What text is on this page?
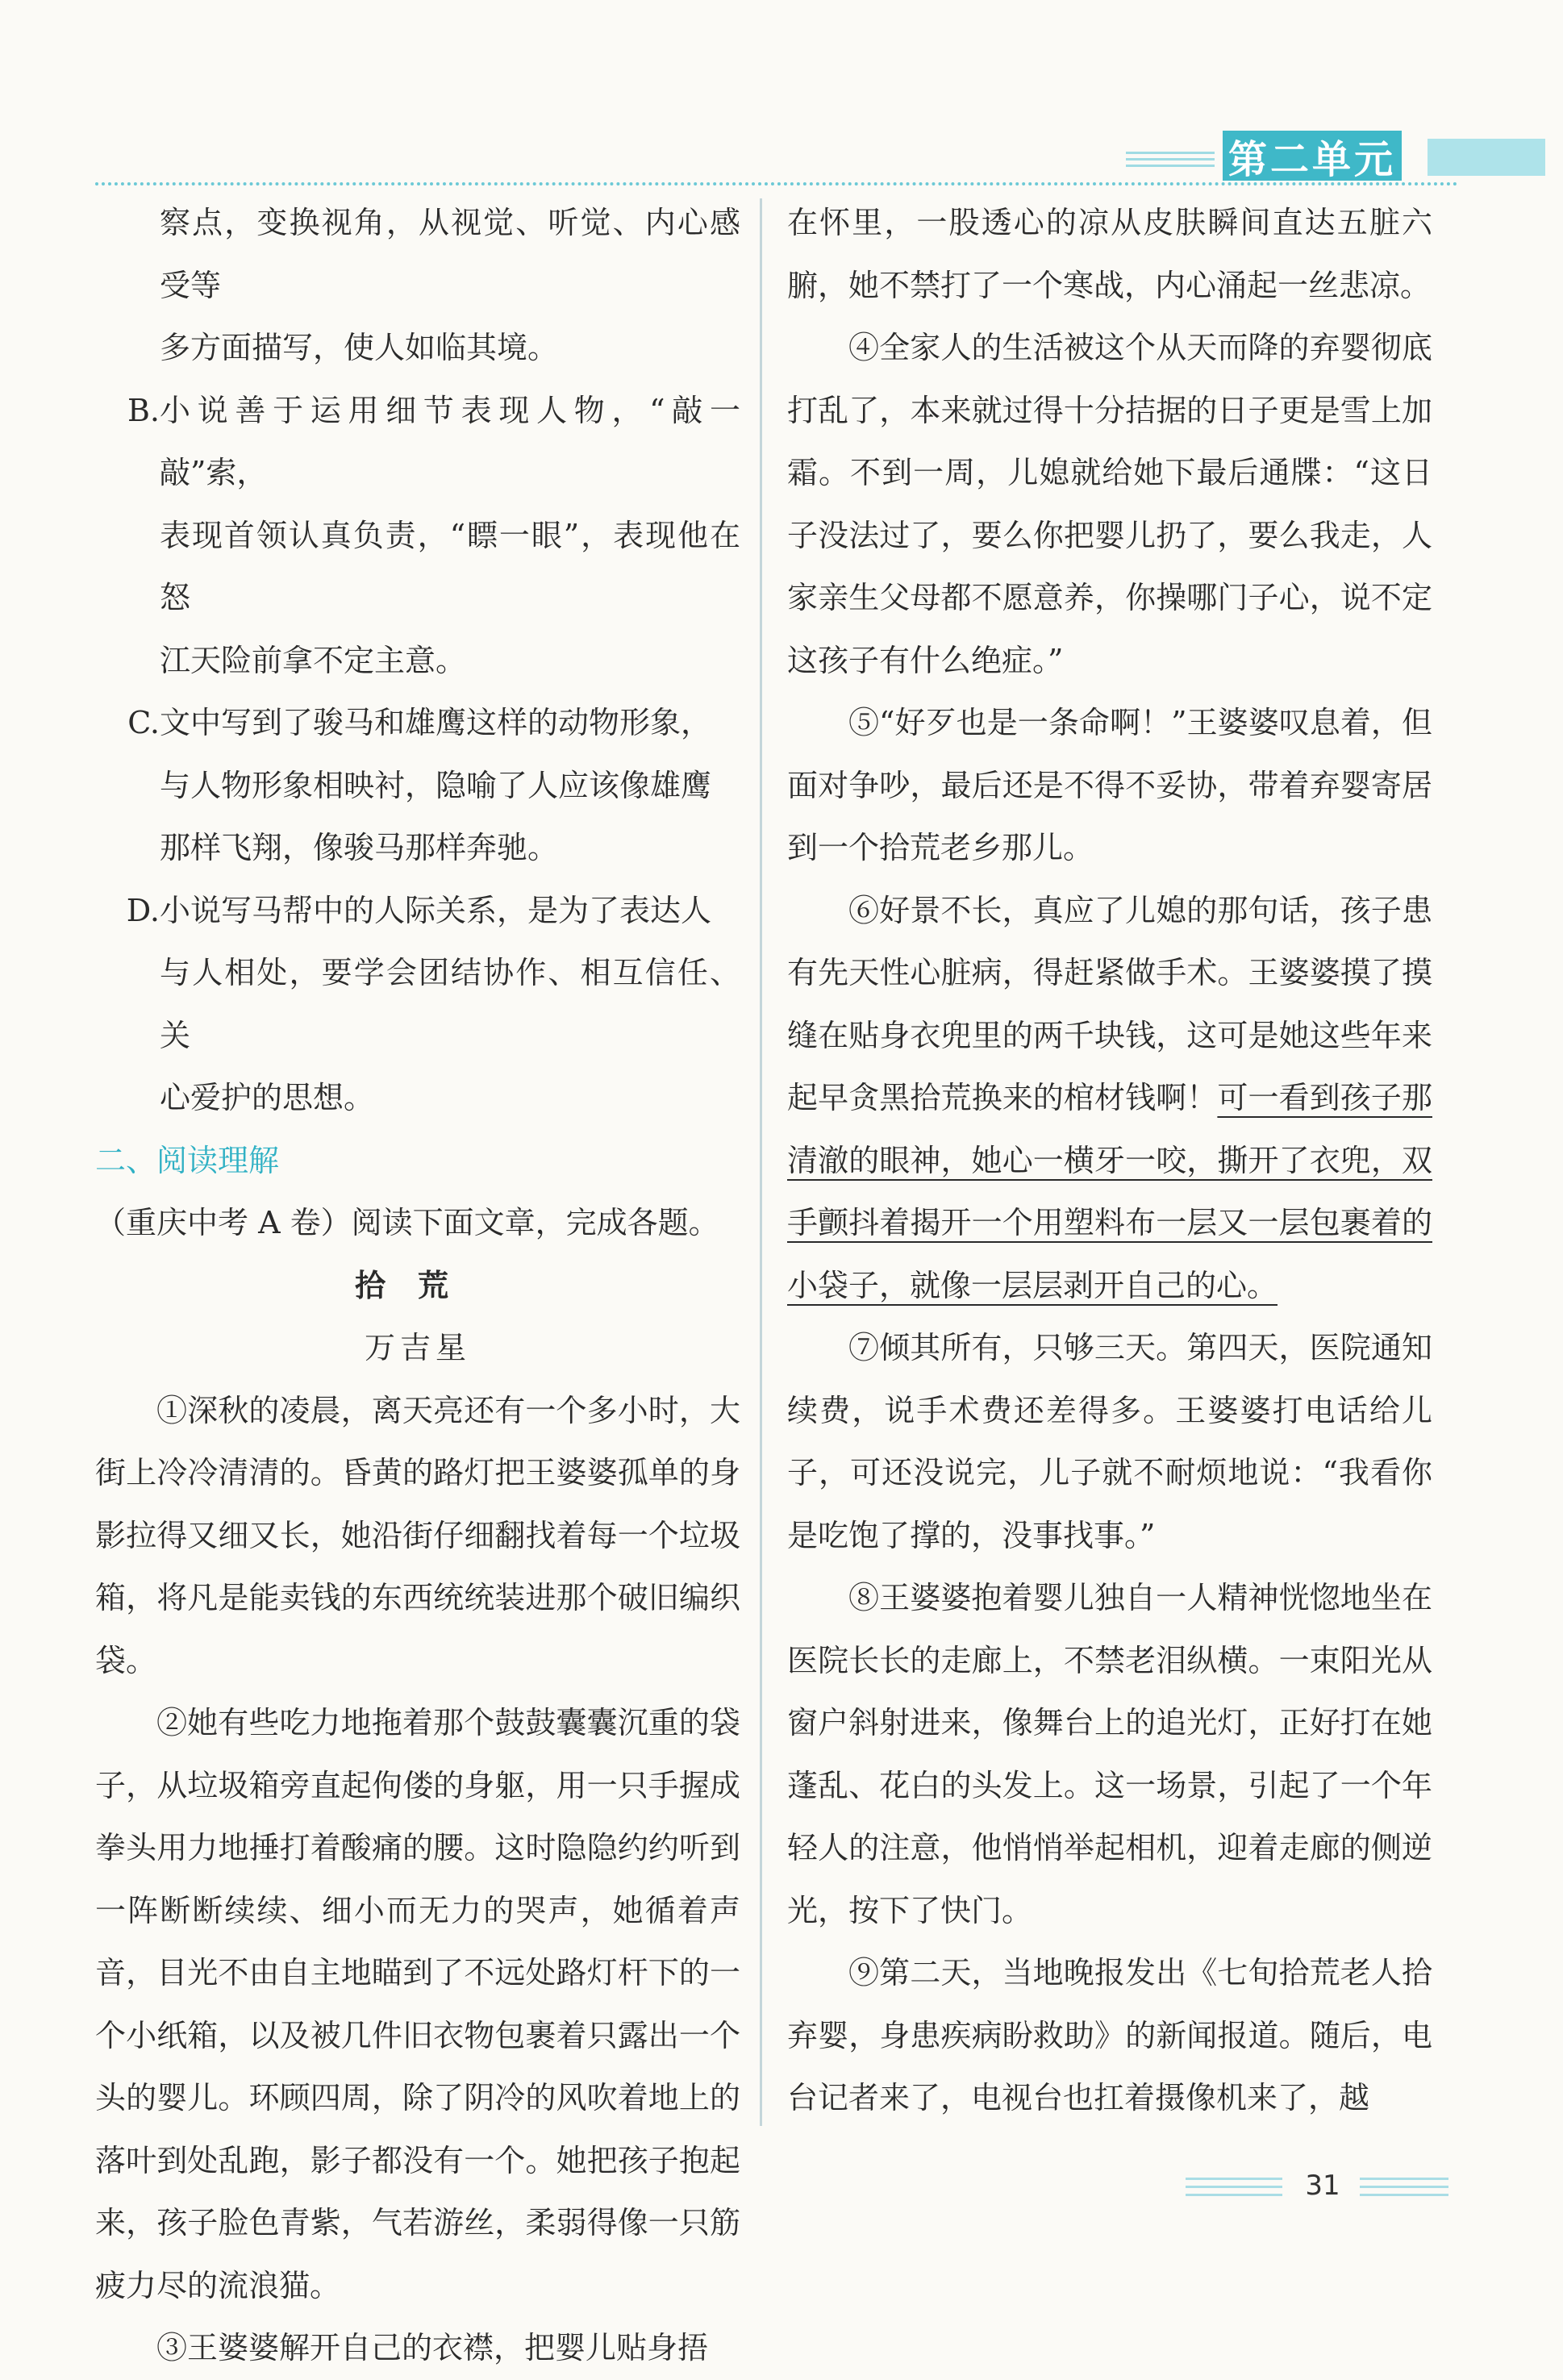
第二单元
察点，变换视角，从视觉、听觉、内心感受等
多方面描写，使人如临其境。
B. 小说善于运用细节表现人物，“敲一敲”索，
表现首领认真负责，“瞟一眼”，表现他在怒
江天险前拿不定主意。
C. 文中写到了骏马和雄鹰这样的动物形象，
与人物形象相映衬，隐喻了人应该像雄鹰
那样飞翔，像骏马那样奔驰。
D. 小说写马帮中的人际关系，是为了表达人
与人相处，要学会团结协作、相互信任、关
心爱护的思想。

二、阅读理解

（重庆中考 A 卷）阅读下面文章，完成各题。

拾荒

万吉星

①深秋的凌晨，离天亮还有一个多小时，大街上冷冷清清的。昏黄的路灯把王婆婆孤单的身影拉得又细又长，她沿街仔细翻找着每一个垃圾箱，将凡是能卖钱的东西统统装进那个破旧编织袋。

②她有些吃力地拖着那个鼓鼓囊囊沉重的袋子，从垃圾箱旁直起佝偻的身躯，用一只手握成拳头用力地捶打着酸痛的腰。这时隐隐约约听到一阵断断续续、细小而无力的哭声，她循着声音，目光不由自主地瞄到了不远处路灯杆下的一个小纸箱，以及被几件旧衣物包裹着只露出一个头的婴儿。环顾四周，除了阴冷的风吹着地上的落叶到处乱跑，影子都没有一个。她把孩子抱起来，孩子脸色青紫，气若游丝，柔弱得像一只筋疲力尽的流浪猫。

③王婆婆解开自己的衣襟，把婴儿贴身捂

在怀里，一股透心的凉从皮肤瞬间直达五脏六腑，她不禁打了一个寒战，内心涌起一丝悲凉。

④全家人的生活被这个从天而降的弃婴彻底打乱了，本来就过得十分拮据的日子更是雪上加霜。不到一周，儿媳就给她下最后通牒：“这日子没法过了，要么你把婴儿扔了，要么我走，人家亲生父母都不愿意养，你操哪门子心，说不定这孩子有什么绝症。”

⑤“好歹也是一条命啊！”王婆婆叹息着，但面对争吵，最后还是不得不妥协，带着弃婴寄居到一个拾荒老乡那儿。

⑥好景不长，真应了儿媳的那句话，孩子患有先天性心脏病，得赶紧做手术。王婆婆摸了摸缝在贴身衣兜里的两千块钱，这可是她这些年来起早贪黑拾荒换来的棺材钱啊！可一看到孩子那清澈的眼神，她心一横牙一咬，撕开了衣兜，双手颤抖着揭开一个用塑料布一层又一层包裹着的小袋子，就像一层层剥开自己的心。

⑦倾其所有，只够三天。第四天，医院通知续费，说手术费还差得多。王婆婆打电话给儿子，可还没说完，儿子就不耐烦地说：“我看你是吃饱了撑的，没事找事。”

⑧王婆婆抱着婴儿独自一人精神恍惚地坐在医院长长的走廊上，不禁老泪纵横。一束阳光从窗户斜射进来，像舞台上的追光灯，正好打在她蓬乱、花白的头发上。这一场景，引起了一个年轻人的注意，他悄悄举起相机，迎着走廊的侧逆光，按下了快门。

⑨第二天，当地晚报发出《七旬拾荒老人拾弃婴，身患疾病盼救助》的新闻报道。随后，电台记者来了，电视台也扛着摄像机来了，越

31
